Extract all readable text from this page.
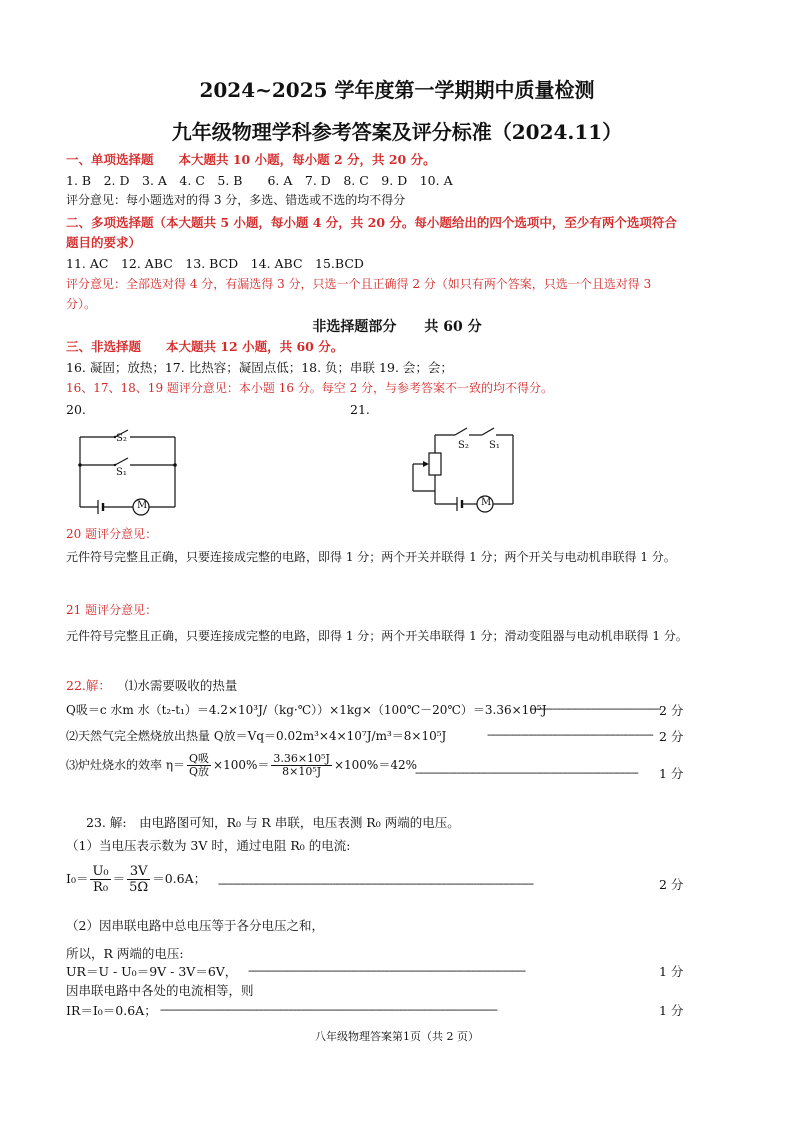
2024~2025 学年度第一学期期中质量检测
九年级物理学科参考答案及评分标准（2024.11）
一、单项选择题　　本大题共 10 小题，每小题 2 分，共 20 分。
1. B　2. D　3. A　4. C　5. B　　6. A　7. D　8. C　9. D　10. A
评分意见：每小题选对的得 3 分，多选、错选或不选的均不得分
二、多项选择题（本大题共 5 小题，每小题 4 分，共 20 分。每小题给出的四个选项中，至少有两个选项符合
题目的要求）
11. AC　12. ABC　13. BCD　14. ABC　15.BCD
评分意见：全部选对得 4 分，有漏选得 3 分，只选一个且正确得 2 分（如只有两个答案，只选一个且选对得 3
分）。
非选择题部分　　共 60 分
三、非选择题　　本大题共 12 小题，共 60 分。
16. 凝固；放热；17. 比热容；凝固点低；18. 负；串联 19. 会；会；
16、17、18、19 题评分意见：本小题 16 分。每空 2 分，与参考答案不一致的均不得分。
20.	21.
S₂
S₁
M
S₂ S₁
M
20 题评分意见：
元件符号完整且正确，只要连接成完整的电路，即得 1 分；两个开关并联得 1 分；两个开关与电动机串联得 1 分。
21 题评分意见：
元件符号完整且正确，只要连接成完整的电路，即得 1 分；两个开关串联得 1 分；滑动变阻器与电动机串联得 1 分。
22.解： ⑴水需要吸收的热量
Q吸＝c 水m 水（t₂-t₁）＝4.2×10³J/（kg·℃））×1kg×（100℃－20℃）＝3.36×10⁵J
------------------------------------------------
2 分
⑵天然气完全燃烧放出热量 Q放＝Vq＝0.02m³×4×10⁷J/m³＝8×10⁵J	------------------------------------------------------------- 2 分
⑶炉灶烧水的效率 $\eta= \frac{\text{Q吸}}{\text{Q放}} \times 100\%= \frac{\text{3.36×10⁵J}}{\text{8×10⁵J}} \times 100\%=42\%$
---------------------------------------------------------------------------------- 1 分
23. 解:　由电路图可知，R₀ 与 R 串联，电压表测 R₀ 两端的电压。
（1）当电压表示数为 3V 时，通过电阻 R₀ 的电流:
$I_0= \frac{\text{U₀}}{\text{R₀}} = \frac{3V}{5\Omega} =0.6A$； --------------------------------------------------------------------------------------------------------------------	2 分
（2）因串联电路中总电压等于各分电压之和，
所以，R 两端的电压:
UR＝U - U₀＝9V - 3V＝6V， ------------------------------------------------------------------------------------------------------	1 分
因串联电路中各处的电流相等，则
IR＝I₀＝0.6A； ----------------------------------------------------------------------------------------------------------------------------	1 分
八年级物理答案第1页（共 2 页）
